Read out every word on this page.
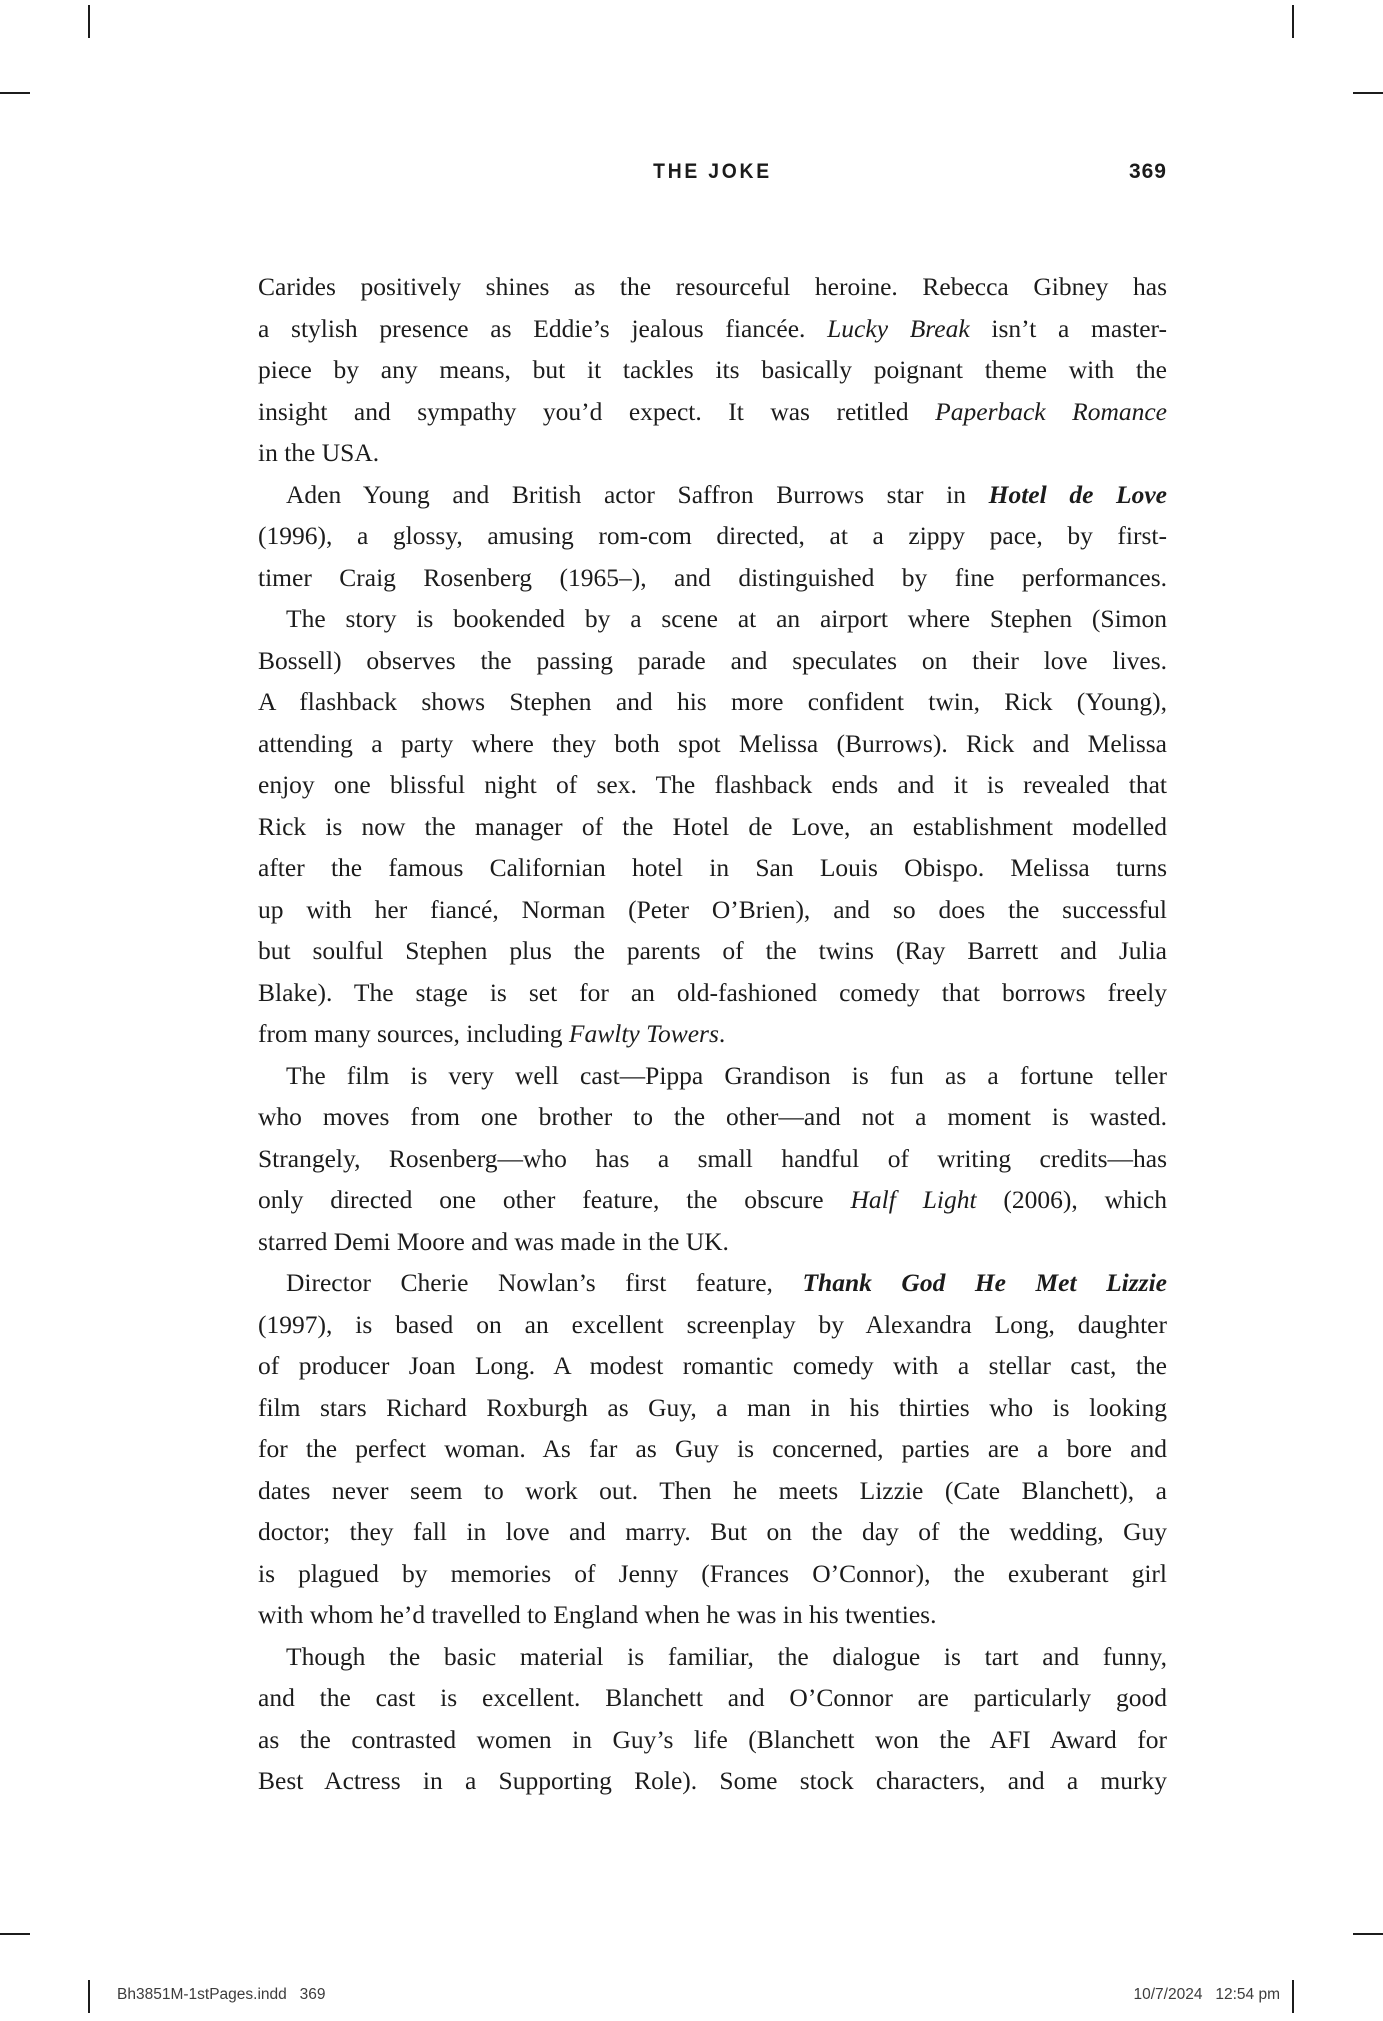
THE JOKE	369
Carides positively shines as the resourceful heroine. Rebecca Gibney has
a stylish presence as Eddie’s jealous fiancée. Lucky Break isn’t a master-
piece by any means, but it tackles its basically poignant theme with the
insight and sympathy you’d expect. It was retitled Paperback Romance
in the USA.
Aden Young and British actor Saffron Burrows star in Hotel de Love
(1996), a glossy, amusing rom-com directed, at a zippy pace, by first-
timer Craig Rosenberg (1965–), and distinguished by fine performances.
The story is bookended by a scene at an airport where Stephen (Simon
Bossell) observes the passing parade and speculates on their love lives.
A flashback shows Stephen and his more confident twin, Rick (Young),
attending a party where they both spot Melissa (Burrows). Rick and Melissa
enjoy one blissful night of sex. The flashback ends and it is revealed that
Rick is now the manager of the Hotel de Love, an establishment modelled
after the famous Californian hotel in San Louis Obispo. Melissa turns
up with her fiancé, Norman (Peter O’Brien), and so does the successful
but soulful Stephen plus the parents of the twins (Ray Barrett and Julia
Blake). The stage is set for an old-fashioned comedy that borrows freely
from many sources, including Fawlty Towers.
The film is very well cast—Pippa Grandison is fun as a fortune teller
who moves from one brother to the other—and not a moment is wasted.
Strangely, Rosenberg—who has a small handful of writing credits—has
only directed one other feature, the obscure Half Light (2006), which
starred Demi Moore and was made in the UK.
Director Cherie Nowlan’s first feature, Thank God He Met Lizzie
(1997), is based on an excellent screenplay by Alexandra Long, daughter
of producer Joan Long. A modest romantic comedy with a stellar cast, the
film stars Richard Roxburgh as Guy, a man in his thirties who is looking
for the perfect woman. As far as Guy is concerned, parties are a bore and
dates never seem to work out. Then he meets Lizzie (Cate Blanchett), a
doctor; they fall in love and marry. But on the day of the wedding, Guy
is plagued by memories of Jenny (Frances O’Connor), the exuberant girl
with whom he’d travelled to England when he was in his twenties.
Though the basic material is familiar, the dialogue is tart and funny,
and the cast is excellent. Blanchett and O’Connor are particularly good
as the contrasted women in Guy’s life (Blanchett won the AFI Award for
Best Actress in a Supporting Role). Some stock characters, and a murky
Bh3851M-1stPages.indd   369	10/7/2024   12:54 pm
